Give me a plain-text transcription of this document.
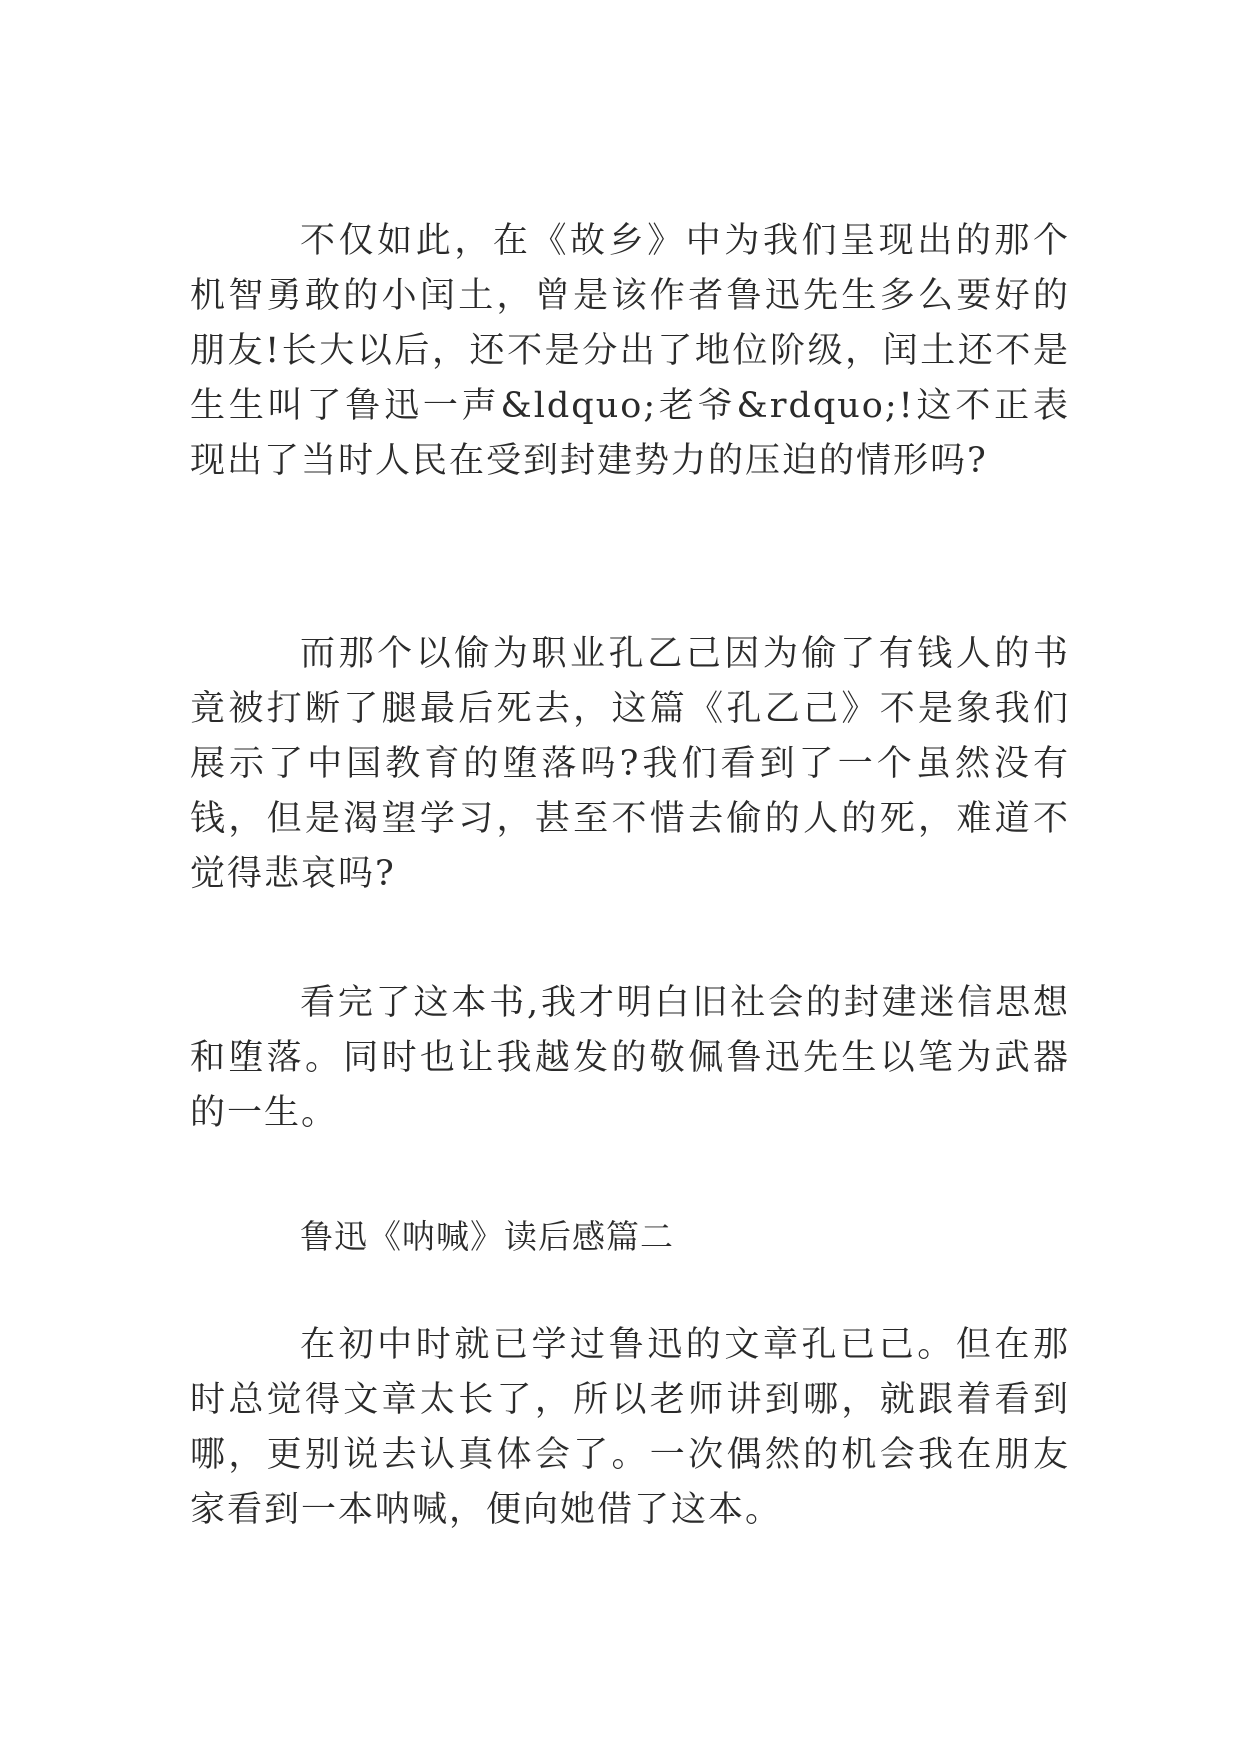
不仅如此，在《故乡》中为我们呈现出的那个机智勇敢的小闰土，曾是该作者鲁迅先生多么要好的朋友!长大以后，还不是分出了地位阶级，闰土还不是生生叫了鲁迅一声&ldquo;老爷&rdquo;!这不正表现出了当时人民在受到封建势力的压迫的情形吗?

而那个以偷为职业孔乙己因为偷了有钱人的书竟被打断了腿最后死去，这篇《孔乙己》不是象我们展示了中国教育的堕落吗?我们看到了一个虽然没有钱，但是渴望学习，甚至不惜去偷的人的死，难道不觉得悲哀吗?

看完了这本书,我才明白旧社会的封建迷信思想和堕落。同时也让我越发的敬佩鲁迅先生以笔为武器的一生。

鲁迅《呐喊》读后感篇二

在初中时就已学过鲁迅的文章孔已己。但在那时总觉得文章太长了，所以老师讲到哪，就跟着看到哪，更别说去认真体会了。一次偶然的机会我在朋友家看到一本呐喊，便向她借了这本。
